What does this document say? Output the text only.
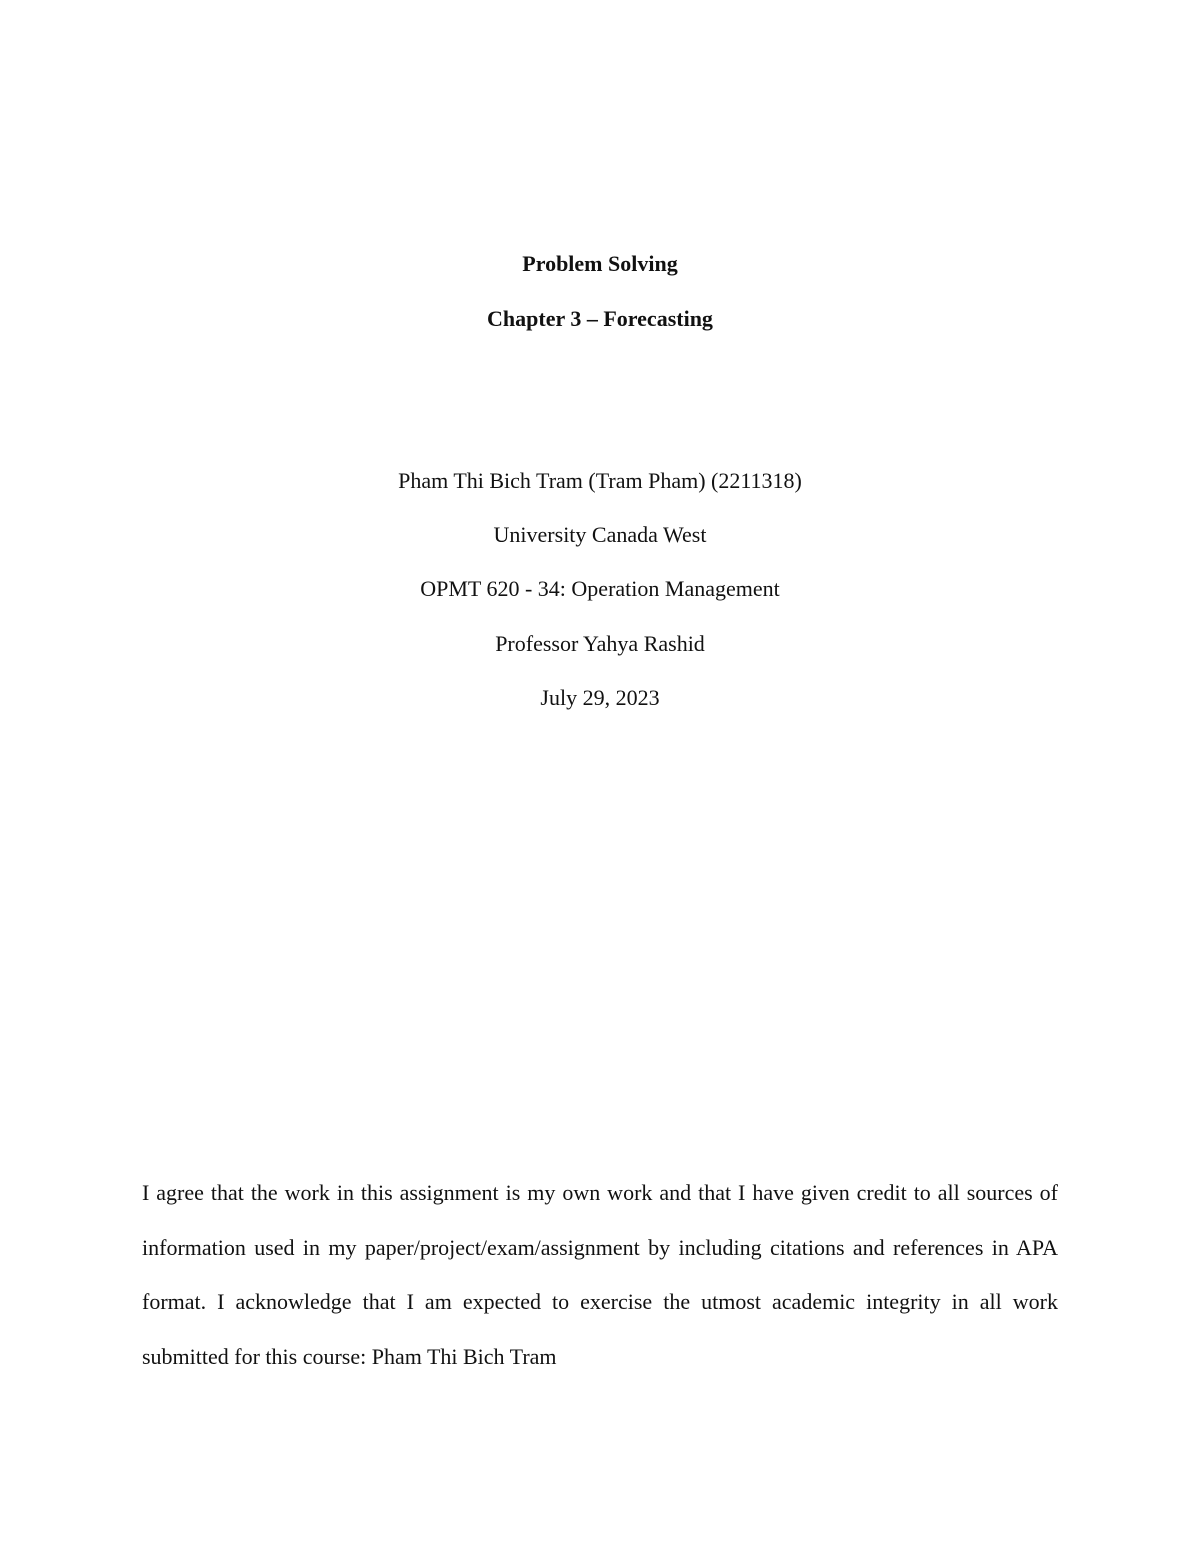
Problem Solving
Chapter 3 – Forecasting
Pham Thi Bich Tram (Tram Pham) (2211318)
University Canada West
OPMT 620 - 34: Operation Management
Professor Yahya Rashid
July 29, 2023

I agree that the work in this assignment is my own work and that I have given credit to all sources of information used in my paper/project/exam/assignment by including citations and references in APA format. I acknowledge that I am expected to exercise the utmost academic integrity in all work submitted for this course: Pham Thi Bich Tram
